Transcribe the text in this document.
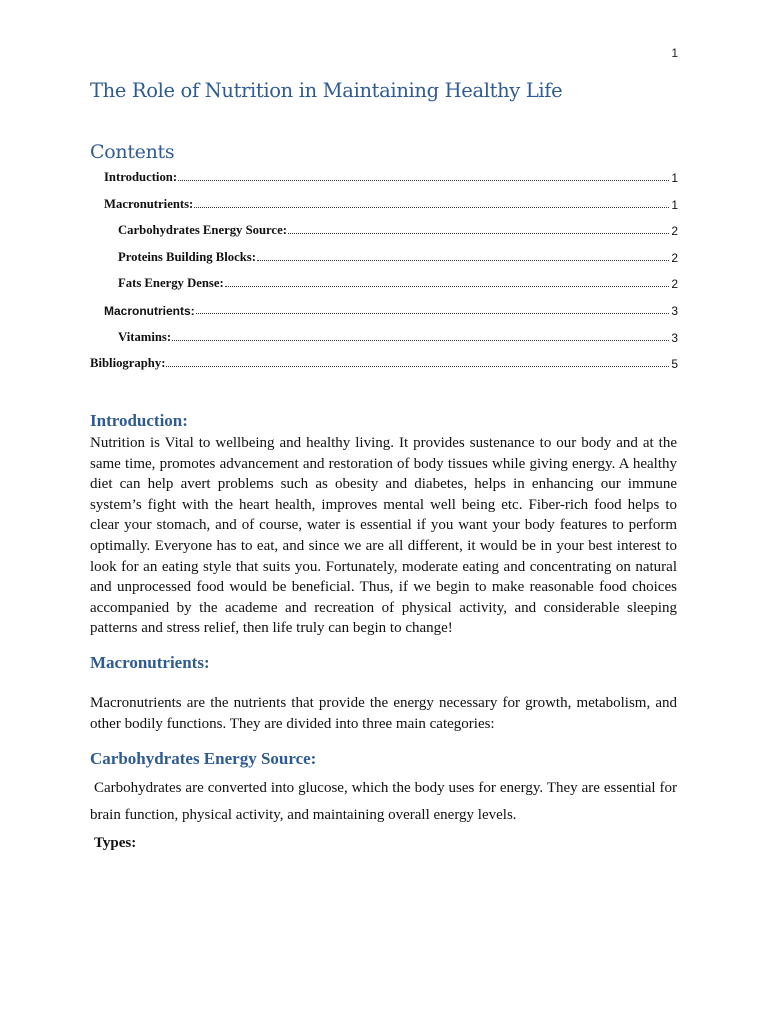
1
The Role of Nutrition in Maintaining Healthy Life
Contents
Introduction:	1
Macronutrients:	1
Carbohydrates Energy Source:	2
Proteins Building Blocks:	2
Fats Energy Dense:	2
Macronutrients:	3
Vitamins:	3
Bibliography:	5
Introduction:

Nutrition is Vital to wellbeing and healthy living. It provides sustenance to our body and at the same time, promotes advancement and restoration of body tissues while giving energy. A healthy diet can help avert problems such as obesity and diabetes, helps in enhancing our immune system’s fight with the heart health, improves mental well being etc. Fiber-rich food helps to clear your stomach, and of course, water is essential if you want your body features to perform optimally. Everyone has to eat, and since we are all different, it would be in your best interest to look for an eating style that suits you. Fortunately, moderate eating and concentrating on natural and unprocessed food would be beneficial. Thus, if we begin to make reasonable food choices accompanied by the academe and recreation of physical activity, and considerable sleeping patterns and stress relief, then life truly can begin to change!

Macronutrients:

Macronutrients are the nutrients that provide the energy necessary for growth, metabolism, and other bodily functions. They are divided into three main categories:

Carbohydrates Energy Source:

Carbohydrates are converted into glucose, which the body uses for energy. They are essential for brain function, physical activity, and maintaining overall energy levels.

Types:
